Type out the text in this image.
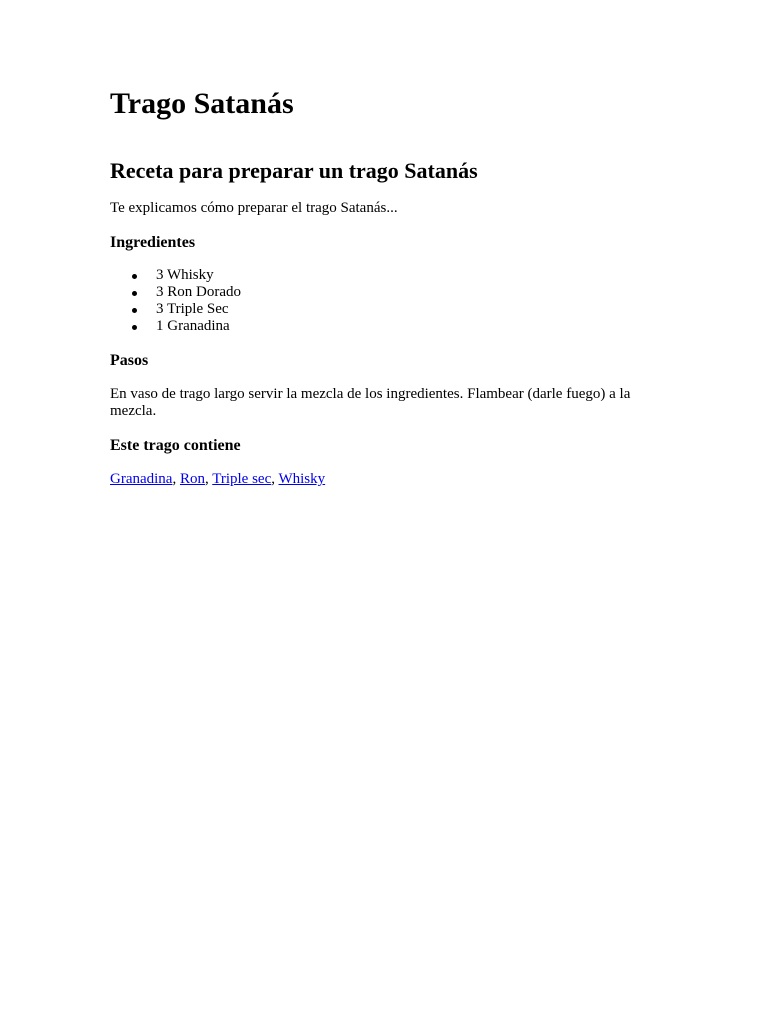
Trago Satanás
Receta para preparar un trago Satanás

Te explicamos cómo preparar el trago Satanás...

Ingredientes
3 Whisky
3 Ron Dorado
3 Triple Sec
1 Granadina
Pasos

En vaso de trago largo servir la mezcla de los ingredientes. Flambear (darle fuego) a la mezcla.

Este trago contiene

Granadina, Ron, Triple sec, Whisky
